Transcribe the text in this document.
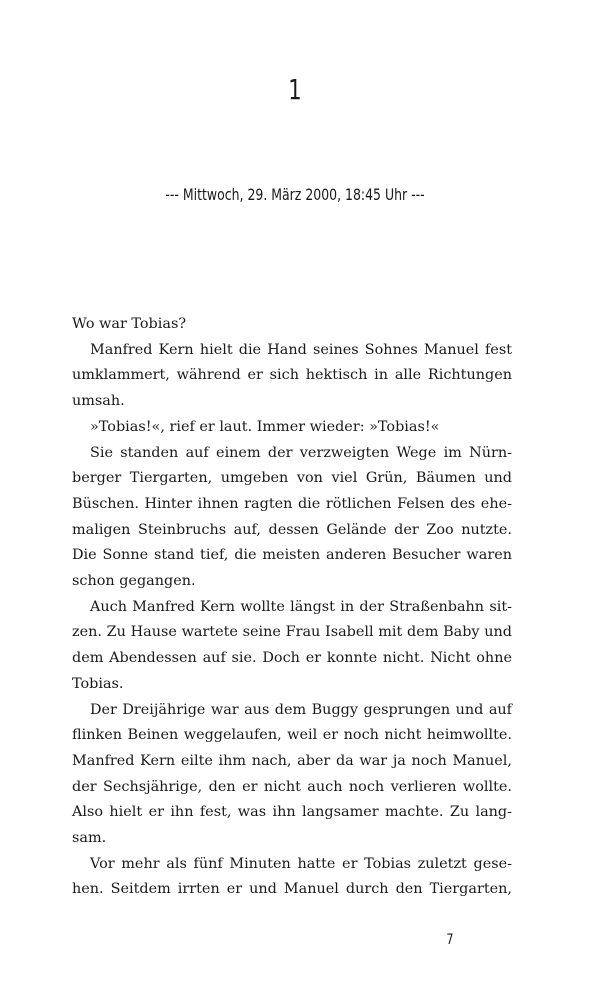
1
--- Mittwoch, 29. März 2000, 18:45 Uhr ---

Wo war Tobias?

Manfred Kern hielt die Hand seines Sohnes Manuel fest umklammert, während er sich hektisch in alle Richtungen umsah.

»Tobias!«, rief er laut. Immer wieder: »Tobias!«

Sie standen auf einem der verzweigten Wege im Nürnberger Tiergarten, umgeben von viel Grün, Bäumen und Büschen. Hinter ihnen ragten die rötlichen Felsen des ehemaligen Steinbruchs auf, dessen Gelände der Zoo nutzte. Die Sonne stand tief, die meisten anderen Besucher waren schon gegangen.

Auch Manfred Kern wollte längst in der Straßenbahn sitzen. Zu Hause wartete seine Frau Isabell mit dem Baby und dem Abendessen auf sie. Doch er konnte nicht. Nicht ohne Tobias.

Der Dreijährige war aus dem Buggy gesprungen und auf flinken Beinen weggelaufen, weil er noch nicht heimwollte. Manfred Kern eilte ihm nach, aber da war ja noch Manuel, der Sechsjährige, den er nicht auch noch verlieren wollte. Also hielt er ihn fest, was ihn langsamer machte. Zu langsam.

Vor mehr als fünf Minuten hatte er Tobias zuletzt gesehen. Seitdem irrten er und Manuel durch den Tiergarten,

7
